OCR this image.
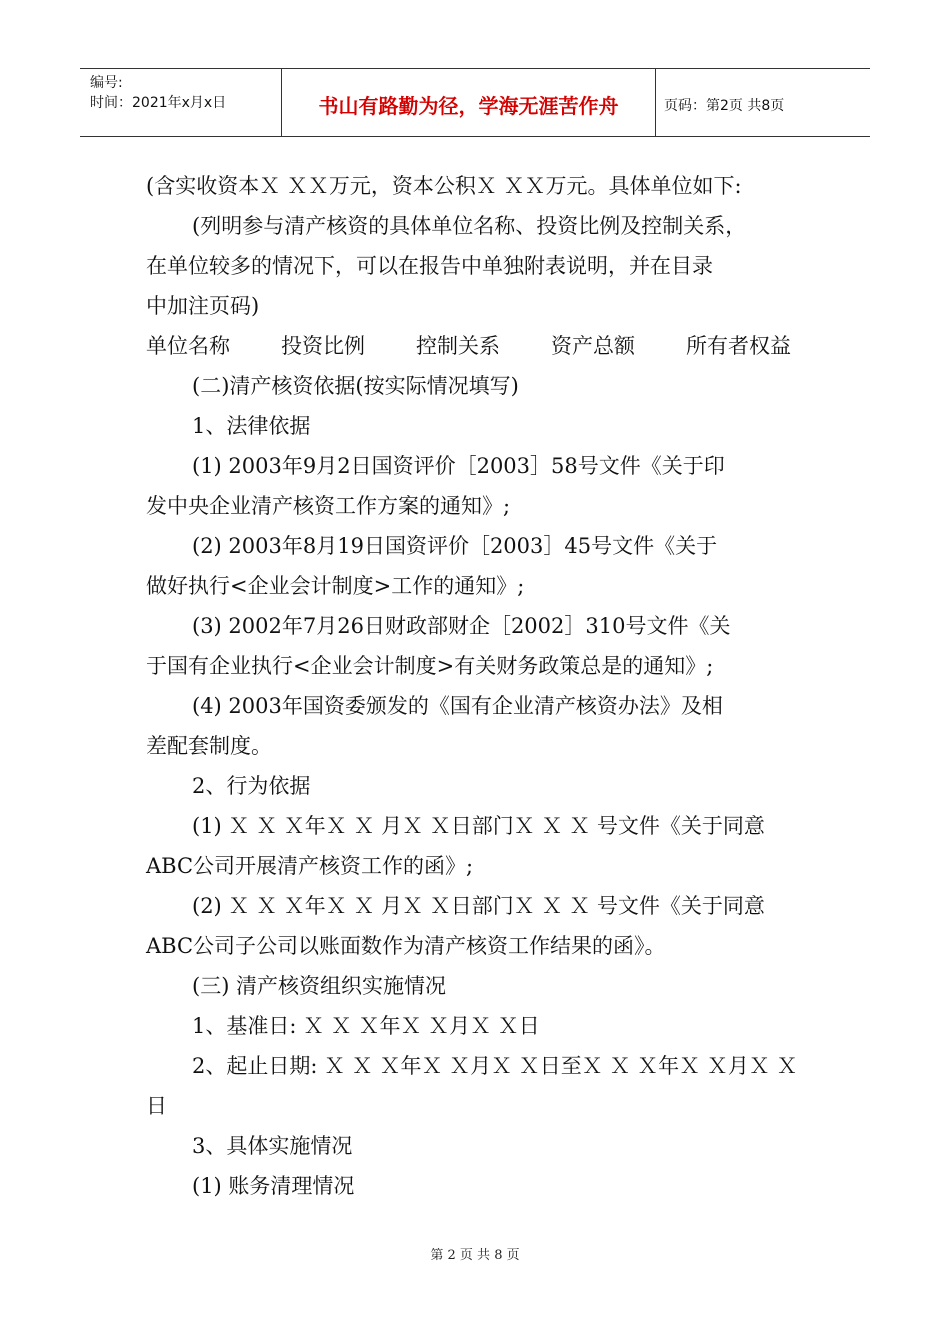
编号:
时间：2021年x月x日	书山有路勤为径，学海无涯苦作舟	页码：第2页 共8页

(含实收资本Ｘ ＸＸ万元，资本公积Ｘ ＸＸ万元。具体单位如下:

(列明参与清产核资的具体单位名称、投资比例及控制关系，

在单位较多的情况下，可以在报告中单独附表说明，并在目录

中加注页码)

单位名称 投资比例 控制关系 资产总额 所有者权益

(二)清产核资依据(按实际情况填写)

1、法律依据

(1) 2003年9月2日国资评价［2003］58号文件《关于印

发中央企业清产核资工作方案的通知》;

(2) 2003年8月19日国资评价［2003］45号文件《关于

做好执行<企业会计制度>工作的通知》;

(3) 2002年7月26日财政部财企［2002］310号文件《关

于国有企业执行<企业会计制度>有关财务政策总是的通知》;

(4) 2003年国资委颁发的《国有企业清产核资办法》及相

差配套制度。

2、行为依据

(1) Ｘ Ｘ Ｘ年Ｘ Ｘ 月Ｘ Ｘ日部门Ｘ Ｘ Ｘ 号文件《关于同意

ABC公司开展清产核资工作的函》;

(2) Ｘ Ｘ Ｘ年Ｘ Ｘ 月Ｘ Ｘ日部门Ｘ Ｘ Ｘ 号文件《关于同意

ABC公司子公司以账面数作为清产核资工作结果的函》。

(三) 清产核资组织实施情况

1、基准日: Ｘ Ｘ Ｘ年Ｘ Ｘ月Ｘ Ｘ日

2、起止日期: Ｘ Ｘ Ｘ年Ｘ Ｘ月Ｘ Ｘ日至Ｘ Ｘ Ｘ年Ｘ Ｘ月Ｘ Ｘ

日

3、具体实施情况

(1) 账务清理情况

第 2 页 共 8 页
